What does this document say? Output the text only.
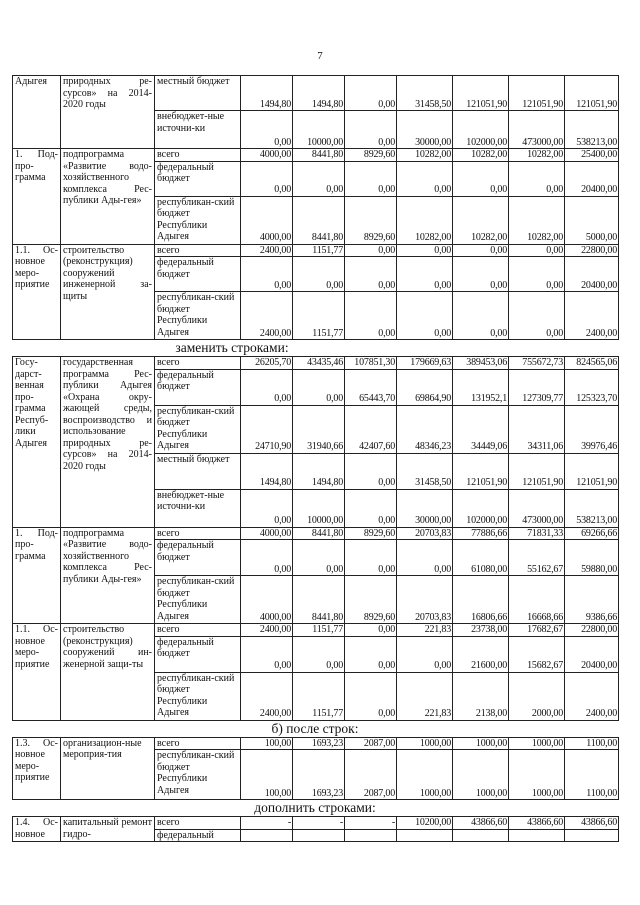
7
Адыгея	природных ре-сурсов» на 2014-2020 годы	местный бюджет	1494,80	1494,80	0,00	31458,50	121051,90	121051,90	121051,90
		внебюджет-ные источни-ки	0,00	10000,00	0,00	30000,00	102000,00	473000,00	538213,00
1. Под-про-грамма	подпрограмма «Развитие водо-хозяйственного комплекса Рес-публики Ады-гея»	всего	4000,00	8441,80	8929,60	10282,00	10282,00	10282,00	25400,00
		федеральный бюджет	0,00	0,00	0,00	0,00	0,00	0,00	20400,00
		республикан-ский бюджет Республики Адыгея	4000,00	8441,80	8929,60	10282,00	10282,00	10282,00	5000,00
1.1. Ос-новное меро-приятие	строительство (реконструкция) сооружений инженерной за-щиты	всего	2400,00	1151,77	0,00	0,00	0,00	0,00	22800,00
		федеральный бюджет	0,00	0,00	0,00	0,00	0,00	0,00	20400,00
		республикан-ский бюджет Республики Адыгея	2400,00	1151,77	0,00	0,00	0,00	0,00	2400,00
заменить строками:
Госу-дарст-венная про-грамма Респуб-лики Адыгея	государственная программа Рес-публики Адыгея «Охрана окру-жающей среды, воспроизводство и использование природных ре-сурсов» на 2014-2020 годы	всего	26205,70	43435,46	107851,30	179669,63	389453,06	755672,73	824565,06
		федеральный бюджет	0,00	0,00	65443,70	69864,90	131952,1	127309,77	125323,70
		республикан-ский бюджет Республики Адыгея	24710,90	31940,66	42407,60	48346,23	34449,06	34311,06	39976,46
		местный бюджет	1494,80	1494,80	0,00	31458,50	121051,90	121051,90	121051,90
		внебюджет-ные источни-ки	0,00	10000,00	0,00	30000,00	102000,00	473000,00	538213,00
1. Под-про-грамма	подпрограмма «Развитие водо-хозяйственного комплекса Рес-публики Ады-гея»	всего	4000,00	8441,80	8929,60	20703,83	77886,66	71831,33	69266,66
		федеральный бюджет	0,00	0,00	0,00	0,00	61080,00	55162,67	59880,00
		республикан-ский бюджет Республики Адыгея	4000,00	8441,80	8929,60	20703,83	16806,66	16668,66	9386,66
1.1. Ос-новное меро-приятие	строительство (реконструкция) сооружений ин-женерной защи-ты	всего	2400,00	1151,77	0,00	221,83	23738,00	17682,67	22800,00
		федеральный бюджет	0,00	0,00	0,00	0,00	21600,00	15682,67	20400,00
		республикан-ский бюджет Республики Адыгея	2400,00	1151,77	0,00	221,83	2138,00	2000,00	2400,00
б) после строк:
1.3. Ос-новное меро-приятие	организацион-ные мероприя-тия	всего	100,00	1693,23	2087,00	1000,00	1000,00	1000,00	1100,00
		республикан-ский бюджет Республики Адыгея	100,00	1693,23	2087,00	1000,00	1000,00	1000,00	1100,00
дополнить строками:
1.4. Ос-новное	капитальный ремонт гидро-	всего	-	-	-	10200,00	43866,60	43866,60	43866,60
		федеральный							
